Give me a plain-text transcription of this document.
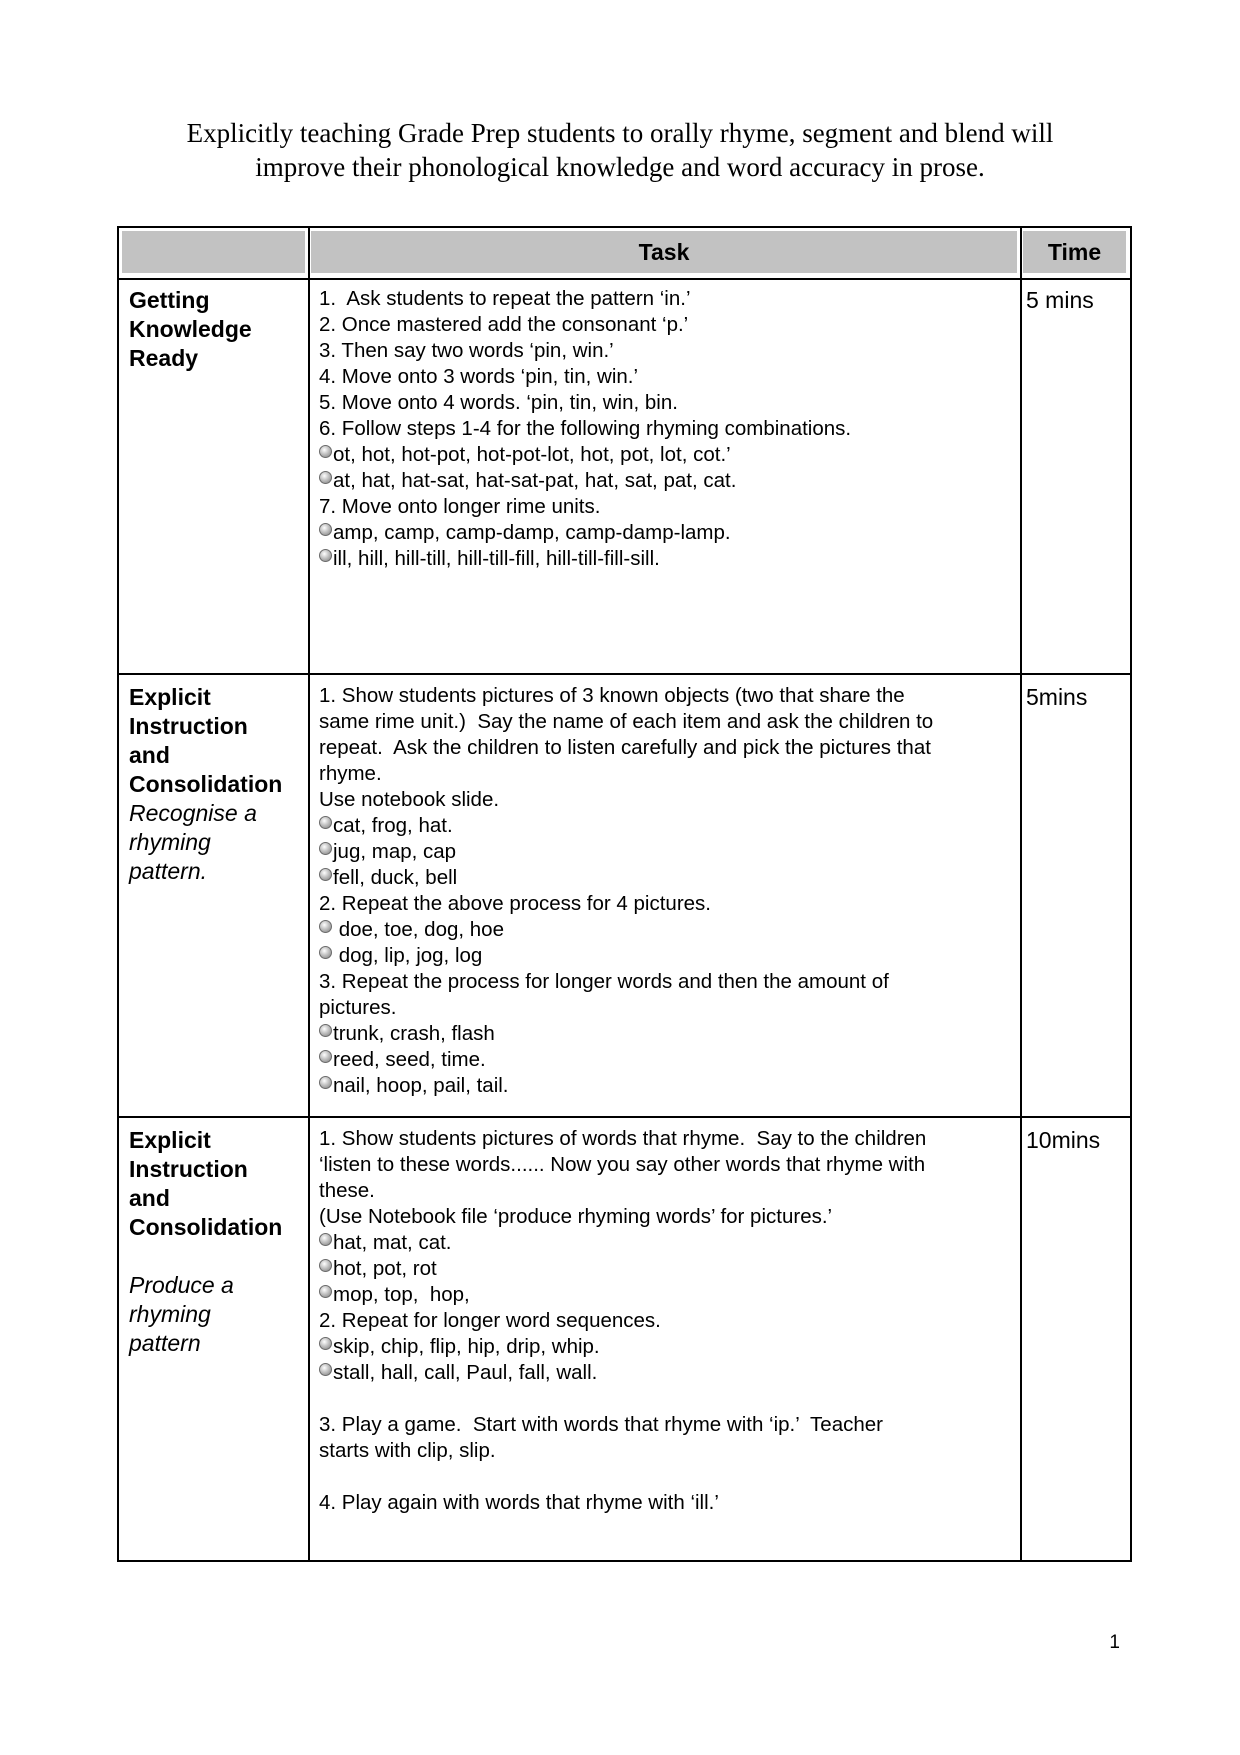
Explicitly teaching Grade Prep students to orally rhyme, segment and blend will
improve their phonological knowledge and word accuracy in prose.
Task	Time
Getting
Knowledge
Ready
1.  Ask students to repeat the pattern ‘in.’
2. Once mastered add the consonant ‘p.’
3. Then say two words ‘pin, win.’
4. Move onto 3 words ‘pin, tin, win.’
5. Move onto 4 words. ‘pin, tin, win, bin.
6. Follow steps 1-4 for the following rhyming combinations.
ot, hot, hot-pot, hot-pot-lot, hot, pot, lot, cot.’
at, hat, hat-sat, hat-sat-pat, hat, sat, pat, cat.
7. Move onto longer rime units.
amp, camp, camp-damp, camp-damp-lamp.
ill, hill, hill-till, hill-till-fill, hill-till-fill-sill.
5 mins
Explicit
Instruction
and
Consolidation
Recognise a
rhyming
pattern.
1. Show students pictures of 3 known objects (two that share the
same rime unit.)  Say the name of each item and ask the children to
repeat.  Ask the children to listen carefully and pick the pictures that
rhyme.
Use notebook slide.
cat, frog, hat.
jug, map, cap
fell, duck, bell
2. Repeat the above process for 4 pictures.
doe, toe, dog, hoe
dog, lip, jog, log
3. Repeat the process for longer words and then the amount of
pictures.
trunk, crash, flash
reed, seed, time.
nail, hoop, pail, tail.
5mins
Explicit
Instruction
and
Consolidation
Produce a
rhyming
pattern
1. Show students pictures of words that rhyme.  Say to the children
‘listen to these words...... Now you say other words that rhyme with
these.
(Use Notebook file ‘produce rhyming words’ for pictures.’
hat, mat, cat.
hot, pot, rot
mop, top,  hop,
2. Repeat for longer word sequences.
skip, chip, flip, hip, drip, whip.
stall, hall, call, Paul, fall, wall.
3. Play a game.  Start with words that rhyme with ‘ip.’  Teacher
starts with clip, slip.
4. Play again with words that rhyme with ‘ill.’
10mins
1
